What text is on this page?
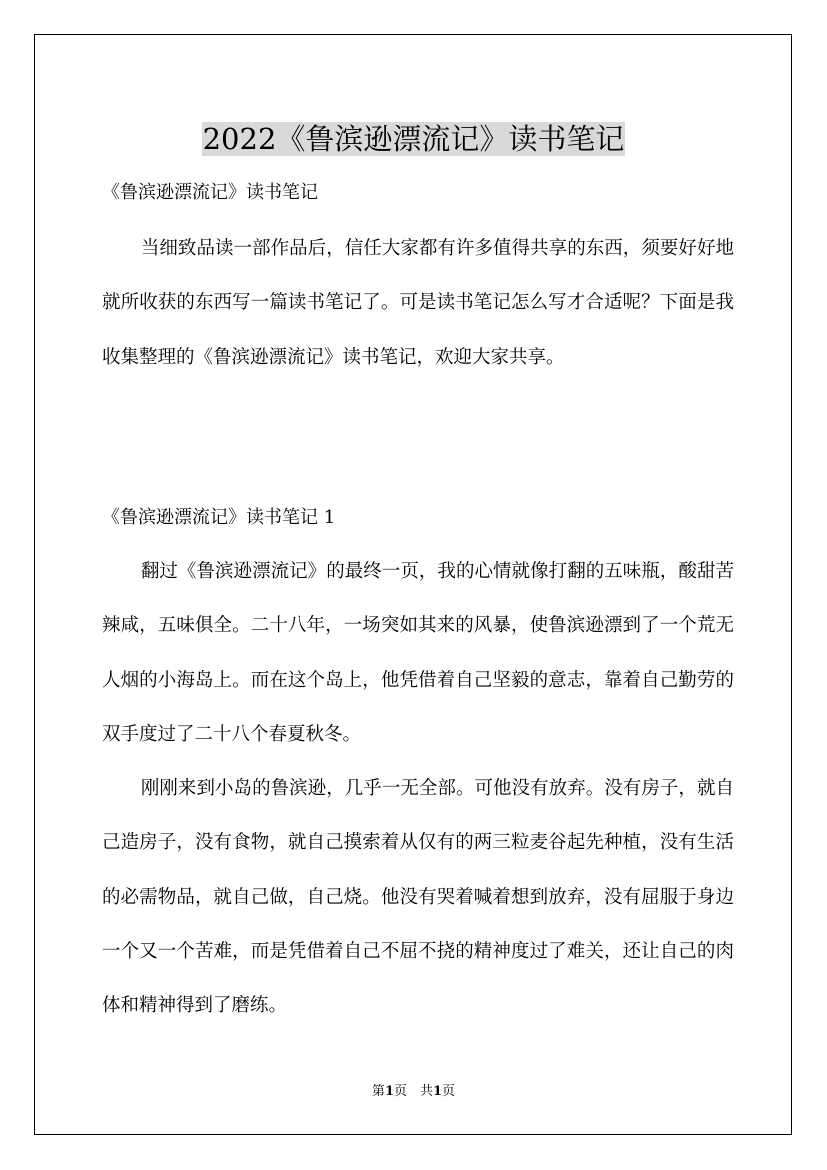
2022《鲁滨逊漂流记》读书笔记
《鲁滨逊漂流记》读书笔记

当细致品读一部作品后，信任大家都有许多值得共享的东西，须要好好地就所收获的东西写一篇读书笔记了。可是读书笔记怎么写才合适呢？下面是我收集整理的《鲁滨逊漂流记》读书笔记，欢迎大家共享。

《鲁滨逊漂流记》读书笔记 1

翻过《鲁滨逊漂流记》的最终一页，我的心情就像打翻的五味瓶，酸甜苦辣咸，五味俱全。二十八年，一场突如其来的风暴，使鲁滨逊漂到了一个荒无人烟的小海岛上。而在这个岛上，他凭借着自己坚毅的意志，靠着自己勤劳的双手度过了二十八个春夏秋冬。

刚刚来到小岛的鲁滨逊，几乎一无全部。可他没有放弃。没有房子，就自己造房子，没有食物，就自己摸索着从仅有的两三粒麦谷起先种植，没有生活的必需物品，就自己做，自己烧。他没有哭着喊着想到放弃，没有屈服于身边一个又一个苦难，而是凭借着自己不屈不挠的精神度过了难关，还让自己的肉体和精神得到了磨练。

第1页　共1页
